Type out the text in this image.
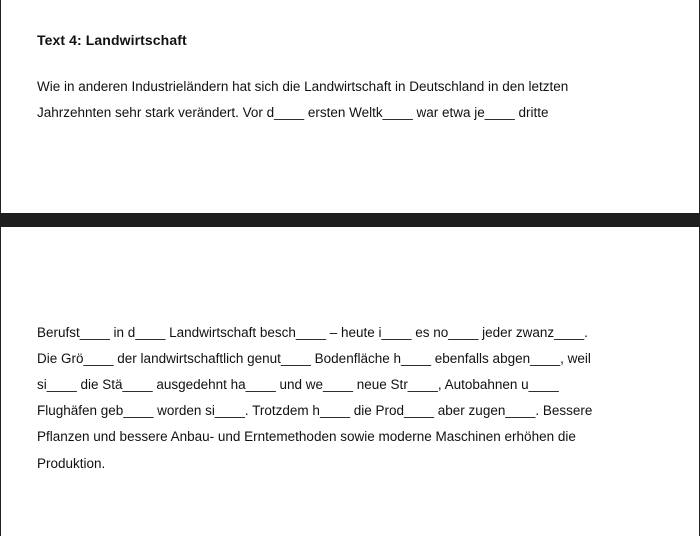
Text 4: Landwirtschaft
Wie in anderen Industrieländern hat sich die Landwirtschaft in Deutschland in den letzten
Jahrzehnten sehr stark verändert. Vor d____ ersten Weltk____ war etwa je____ dritte
Berufst____ in d____ Landwirtschaft besch____ – heute i____ es no____ jeder zwanz____.
Die Grö____ der landwirtschaftlich genut____ Bodenfläche h____ ebenfalls abgen____, weil
si____ die Stä____ ausgedehnt ha____ und we____ neue Str____, Autobahnen u____
Flughäfen geb____ worden si____. Trotzdem h____ die Prod____ aber zugen____. Bessere
Pflanzen und bessere Anbau- und Erntemethoden sowie moderne Maschinen erhöhen die
Produktion.
